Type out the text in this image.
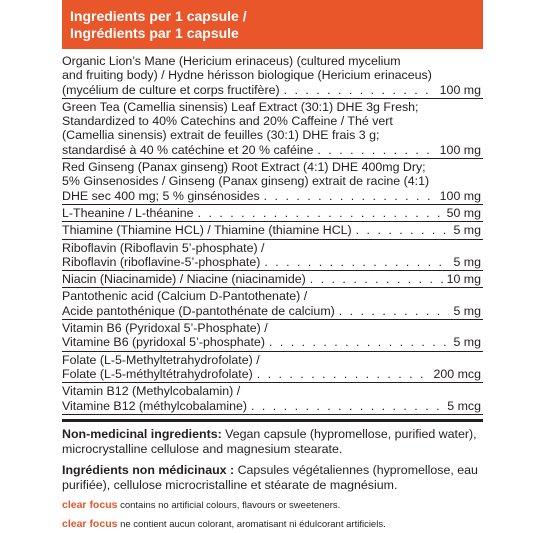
Ingredients per 1 capsule /
Ingrédients par 1 capsule
Organic Lion’s Mane (Hericium erinaceus) (cultured mycelium
and fruiting body) / Hydne hérisson biologique (Hericium erinaceus)
(mycélium de culture et corps fructifère) . . .	100 mg
Green Tea (Camellia sinensis) Leaf Extract (30:1) DHE 3g Fresh;
Standardized to 40% Catechins and 20% Caffeine / Thé vert
(Camellia sinensis) extrait de feuilles (30:1) DHE frais 3 g;
standardisé à 40 % catéchine et 20 % caféine . . .	100 mg
Red Ginseng (Panax ginseng) Root Extract (4:1) DHE 400mg Dry;
5% Ginsenosides / Ginseng (Panax ginseng) extrait de racine (4:1)
DHE sec 400 mg; 5 % ginsénosides . . .	100 mg
L-Theanine / L-théanine . . .	50 mg
Thiamine (Thiamine HCL) / Thiamine (thiamine HCL) . . .	5 mg
Riboflavin (Riboflavin 5’-phosphate) /
Riboflavin (riboflavine-5’-phosphate) . . .	5 mg
Niacin (Niacinamide) / Niacine (niacinamide) . . .	10 mg
Pantothenic acid (Calcium D-Pantothenate) /
Acide pantothénique (D-pantothénate de calcium) . . .	5 mg
Vitamin B6 (Pyridoxal 5’-Phosphate) /
Vitamine B6 (pyridoxal 5’-phosphate) . . .	5 mg
Folate (L-5-Methyltetrahydrofolate) /
Folate (L-5-méthyltétrahydrofolate) . . .	200 mcg
Vitamin B12 (Methylcobalamin) /
Vitamine B12 (méthylcobalamine) . . .	5 mcg

Non-medicinal ingredients: Vegan capsule (hypromellose, purified water), microcrystalline cellulose and magnesium stearate.

Ingrédients non médicinaux : Capsules végétaliennes (hypromellose, eau purifiée), cellulose microcristalline et stéarate de magnésium.

clear focus contains no artificial colours, flavours or sweeteners.

clear focus ne contient aucun colorant, aromatisant ni édulcorant artificiels.
